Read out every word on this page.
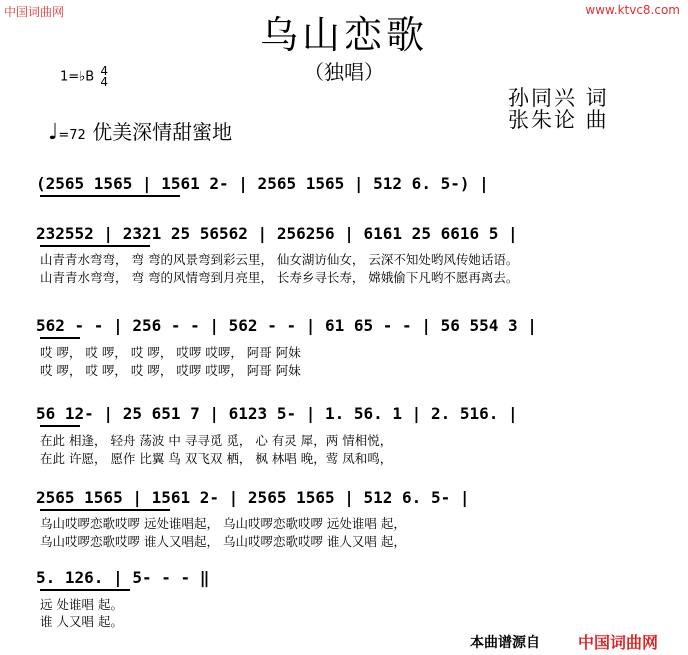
中国词曲网	www.ktvc8.com
乌山恋歌
（独唱）
1=♭B 4
4
♩=72 优美深情甜蜜地
孙同兴 词
张朱论 曲
(2565 1565 | 1561 2- | 2565 1565 | 512 6. 5-) |
232552 | 2321 25 56562 | 256256 | 6161 25 6616 5 |
山青青水弯弯， 弯 弯的风景弯到彩云里， 仙女湖访仙女， 云深不知处哟风传她话语。
山青青水弯弯， 弯 弯的风情弯到月亮里， 长寿乡寻长寿， 嫦娥偷下凡哟不愿再离去。
562 - - | 256 - - | 562 - - | 61 65 - - | 56 554 3 |
哎 啰， 哎 啰， 哎 啰， 哎啰 哎啰， 阿哥 阿妹
哎 啰， 哎 啰， 哎 啰， 哎啰 哎啰， 阿哥 阿妹
56 12- | 25 651 7 | 6123 5- | 1. 56. 1 | 2. 516. |
在此 相逢， 轻舟 荡波 中 寻寻觅 觅， 心 有灵 犀，两 情相悦，
在此 许愿， 愿作 比翼 鸟 双飞双 栖， 枫 林唱 晚，莺 凤和鸣，
2565 1565 | 1561 2- | 2565 1565 | 512 6. 5- |
乌山哎啰恋歌哎啰 远处谁唱起， 乌山哎啰恋歌哎啰 远处谁唱 起，
乌山哎啰恋歌哎啰 谁人又唱起， 乌山哎啰恋歌哎啰 谁人又唱 起，
5. 126. | 5- - - ‖
远 处谁唱 起。
谁 人又唱 起。
本曲谱源自 中国词曲网
